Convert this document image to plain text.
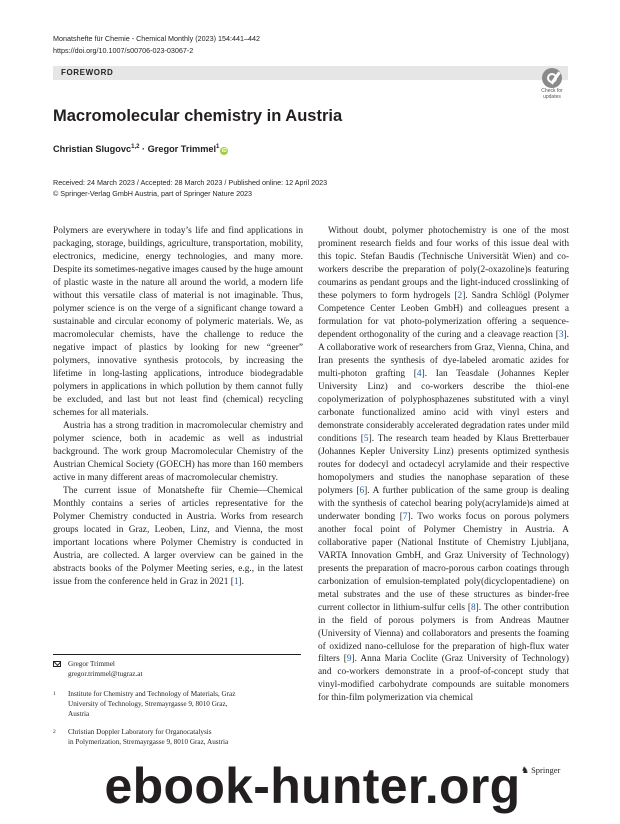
Monatshefte für Chemie - Chemical Monthly (2023) 154:441–442
https://doi.org/10.1007/s00706-023-03067-2
FOREWORD
Check for
updates
Macromolecular chemistry in Austria
Christian Slugovc$^{1,2}$ · Gregor Trimmel$^1$iD
Received: 24 March 2023 / Accepted: 28 March 2023 / Published online: 12 April 2023
© Springer-Verlag GmbH Austria, part of Springer Nature 2023

Polymers are everywhere in today’s life and find applications in packaging, storage, buildings, agriculture, transportation, mobility, electronics, medicine, energy technologies, and many more. Despite its sometimes-negative images caused by the huge amount of plastic waste in the nature all around the world, a modern life without this versatile class of material is not imaginable. Thus, polymer science is on the verge of a significant change toward a sustainable and circular economy of polymeric materials. We, as macromolecular chemists, have the challenge to reduce the negative impact of plastics by looking for new “greener” polymers, innovative synthesis protocols, by increasing the lifetime in long-lasting applications, introduce biodegradable polymers in applications in which pollution by them cannot fully be excluded, and last but not least find (chemical) recycling schemes for all materials.

Austria has a strong tradition in macromolecular chemistry and polymer science, both in academic as well as industrial background. The work group Macromolecular Chemistry of the Austrian Chemical Society (GOECH) has more than 160 members active in many different areas of macromolecular chemistry.

The current issue of Monatshefte für Chemie—Chemical Monthly contains a series of articles representative for the Polymer Chemistry conducted in Austria. Works from research groups located in Graz, Leoben, Linz, and Vienna, the most important locations where Polymer Chemistry is conducted in Austria, are collected. A larger overview can be gained in the abstracts books of the Polymer Meeting series, e.g., in the latest issue from the conference held in Graz in 2021 [1].

Without doubt, polymer photochemistry is one of the most prominent research fields and four works of this issue deal with this topic. Stefan Baudis (Technische Universität Wien) and co-workers describe the preparation of poly(2-oxazoline)s featuring coumarins as pendant groups and the light-induced crosslinking of these polymers to form hydrogels [2]. Sandra Schlögl (Polymer Competence Center Leoben GmbH) and colleagues present a formulation for vat photo-polymerization offering a sequence-dependent orthogonality of the curing and a cleavage reaction [3]. A collaborative work of researchers from Graz, Vienna, China, and Iran presents the synthesis of dye-labeled aromatic azides for multi-photon grafting [4]. Ian Teasdale (Johannes Kepler University Linz) and co-workers describe the thiol-ene copolymerization of polyphosphazenes substituted with a vinyl carbonate functionalized amino acid with vinyl esters and demonstrate considerably accelerated degradation rates under mild conditions [5]. The research team headed by Klaus Bretterbauer (Johannes Kepler University Linz) presents optimized synthesis routes for dodecyl and octadecyl acrylamide and their respective homopolymers and studies the nanophase separation of these polymers [6]. A further publication of the same group is dealing with the synthesis of catechol bearing poly(acrylamide)s aimed at underwater bonding [7]. Two works focus on porous polymers another focal point of Polymer Chemistry in Austria. A collaborative paper (National Institute of Chemistry Ljubljana, VARTA Innovation GmbH, and Graz University of Technology) presents the preparation of macro-porous carbon coatings through carbonization of emulsion-templated poly(dicyclopentadiene) on metal substrates and the use of these structures as binder-free current collector in lithium-sulfur cells [8]. The other contribution in the field of porous polymers is from Andreas Mautner (University of Vienna) and collaborators and presents the foaming of oxidized nano-cellulose for the preparation of high-flux water filters [9]. Anna Maria Coclite (Graz University of Technology) and co-workers demonstrate in a proof-of-concept study that vinyl-modified carbohydrate compounds are suitable monomers for thin-film polymerization via chemical

Gregor Trimmel
gregor.trimmel@tugraz.at
1 Institute for Chemistry and Technology of Materials, Graz
University of Technology, Stremayrgasse 9, 8010 Graz,
Austria
2 Christian Doppler Laboratory for Organocatalysis
in Polymerization, Stremayrgasse 9, 8010 Graz, Austria
♞ Springer
ebook-hunter.org
